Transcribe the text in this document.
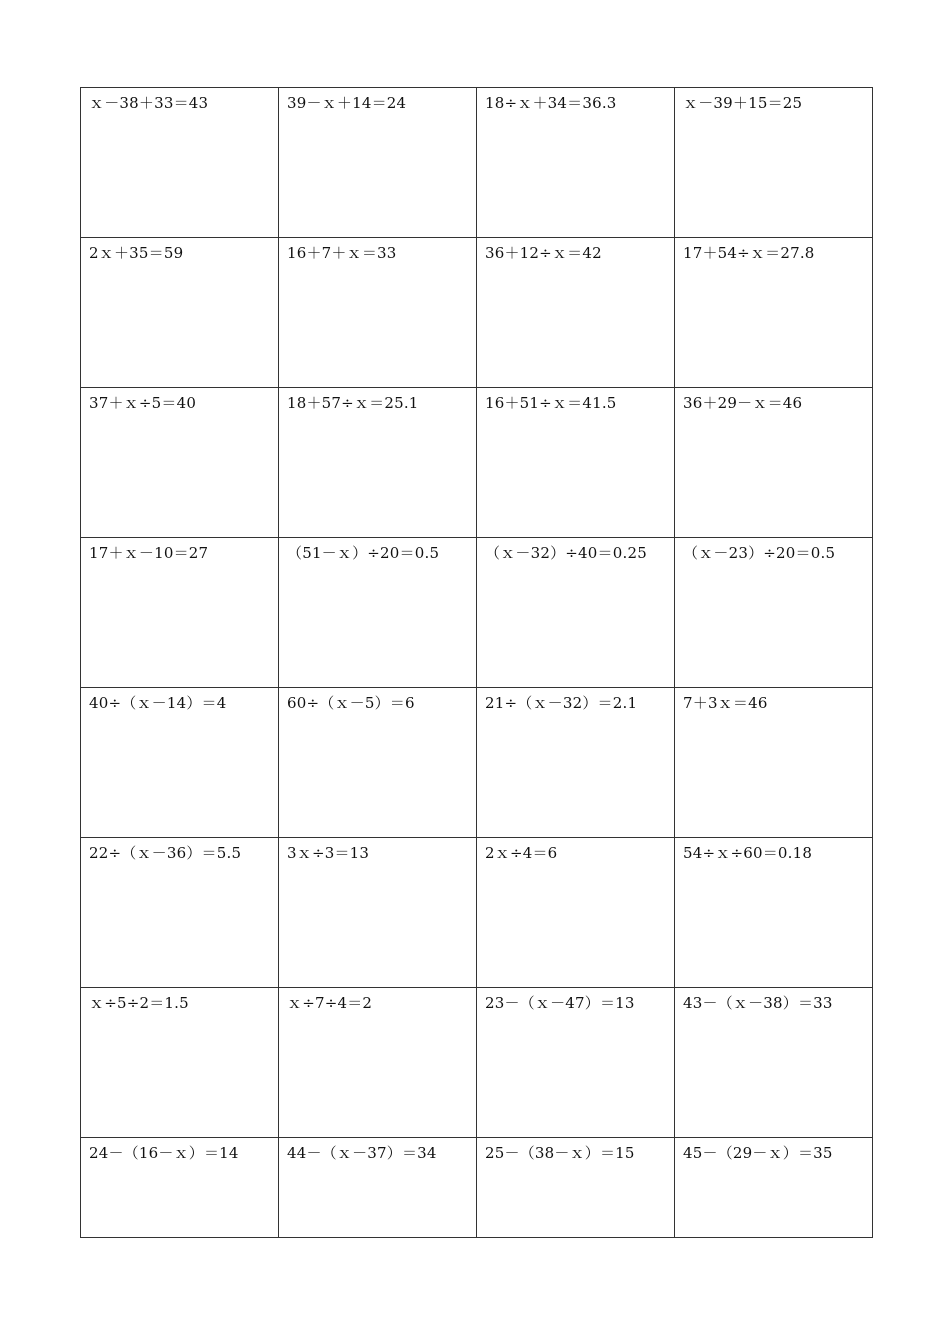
ｘ－38＋33＝43	39－ｘ＋14＝24	18÷ｘ＋34＝36.3	ｘ－39＋15＝25

2ｘ＋35＝59	16＋7＋ｘ＝33	36＋12÷ｘ＝42	17＋54÷ｘ＝27.8

37＋ｘ÷5＝40	18＋57÷ｘ＝25.1	16＋51÷ｘ＝41.5	36＋29－ｘ＝46

17＋ｘ－10＝27	（51－ｘ）÷20＝0.5	（ｘ－32）÷40＝0.25	（ｘ－23）÷20＝0.5

40÷（ｘ－14）＝4	60÷（ｘ－5）＝6	21÷（ｘ－32）＝2.1	7＋3ｘ＝46

22÷（ｘ－36）＝5.5	3ｘ÷3＝13	2ｘ÷4＝6	54÷ｘ÷60＝0.18

ｘ÷5÷2＝1.5	ｘ÷7÷4＝2	23－（ｘ－47）＝13	43－（ｘ－38）＝33

24－（16－ｘ）＝14	44－（ｘ－37）＝34	25－（38－ｘ）＝15	45－（29－ｘ）＝35
